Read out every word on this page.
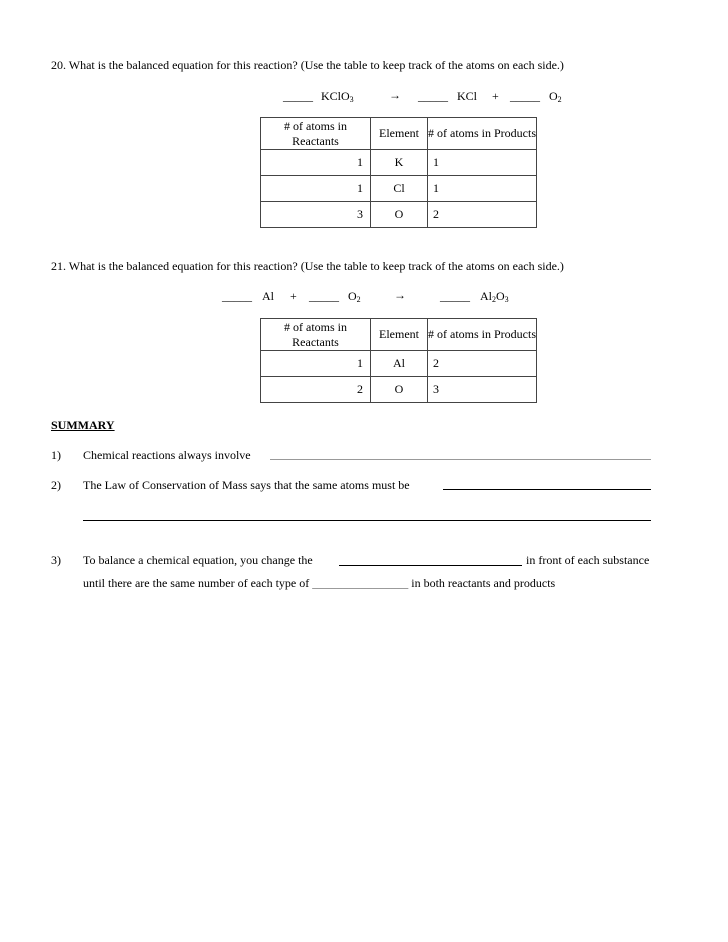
20. What is the balanced equation for this reaction? (Use the table to keep track of the atoms on each side.)
_____ KClO$_3$	→ _____ KCl + _____ $O_2$
# of atoms in Reactants	Element	# of atoms in Products
1	K	1
1	Cl	1
3	O	2
21. What is the balanced equation for this reaction? (Use the table to keep track of the atoms on each side.)
_____ Al + _____ $O_2$	→	_____ $Al_2O_3$
# of atoms in Reactants	Element	# of atoms in Products
1	Al	2
2	O	3
SUMMARY
1) Chemical reactions always involve
2) The Law of Conservation of Mass says that the same atoms must be
3) To balance a chemical equation, you change the	in front of each substance
until there are the same number of each type of ________________ in both reactants and products
